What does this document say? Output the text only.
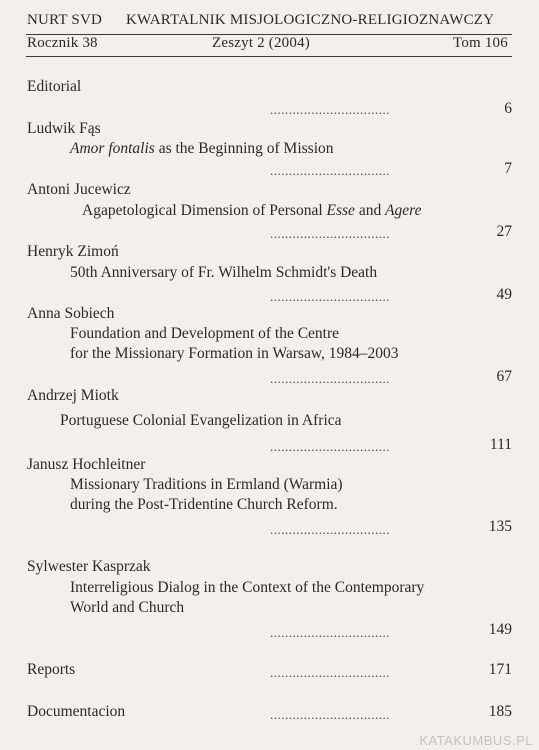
NURT SVD KWARTALNIK MISJOLOGICZNO-RELIGIOZNAWCZY
Rocznik 38	Zeszyt 2 (2004)	Tom 106
Editorial
................................	6
Ludwik Fąs
Amor fontalis as the Beginning of Mission
................................	7
Antoni Jucewicz
Agapetological Dimension of Personal Esse and Agere
................................	27
Henryk Zimoń
50th Anniversary of Fr. Wilhelm Schmidt's Death
................................	49
Anna Sobiech
Foundation and Development of the Centre
for the Missionary Formation in Warsaw, 1984–2003
................................	67
Andrzej Miotk
Portuguese Colonial Evangelization in Africa
................................	111
Janusz Hochleitner
Missionary Traditions in Ermland (Warmia)
during the Post-Tridentine Church Reform.
................................	135
Sylwester Kasprzak
Interreligious Dialog in the Context of the Contemporary
World and Church
................................	149
Reports	................................	171
Documentacion	................................	185
KATAKUMBUS.PL
